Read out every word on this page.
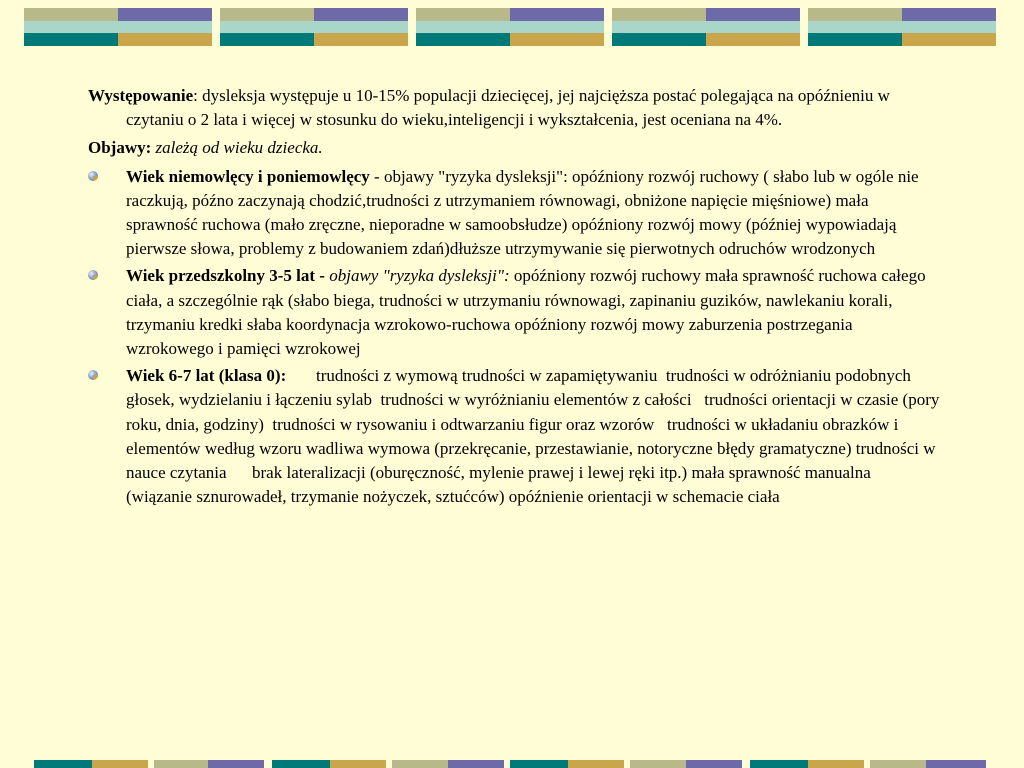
Występowanie: dysleksja występuje u 10-15% populacji dziecięcej, jej najcięższa postać polegająca na opóźnieniu w czytaniu o 2 lata i więcej w stosunku do wieku,inteligencji i wykształcenia, jest oceniana na 4%.

Objawy: zależą od wieku dziecka.

Wiek niemowlęcy i poniemowlęcy - objawy "ryzyka dysleksji": opóźniony rozwój ruchowy ( słabo lub w ogóle nie raczkują, późno zaczynają chodzić,trudności z utrzymaniem równowagi, obniżone napięcie mięśniowe) mała sprawność ruchowa (mało zręczne, nieporadne w samoobsłudze) opóźniony rozwój mowy (później wypowiadają pierwsze słowa, problemy z budowaniem zdań)dłuższe utrzymywanie się pierwotnych odruchów wrodzonych
Wiek przedszkolny 3-5 lat - objawy "ryzyka dysleksji": opóźniony rozwój ruchowy mała sprawność ruchowa całego ciała, a szczególnie rąk (słabo biega, trudności w utrzymaniu równowagi, zapinaniu guzików, nawlekaniu korali, trzymaniu kredki słaba koordynacja wzrokowo-ruchowa opóźniony rozwój mowy zaburzenia postrzegania wzrokowego i pamięci wzrokowej
Wiek 6-7 lat (klasa 0):       trudności z wymową trudności w zapamiętywaniu  trudności w odróżnianiu podobnych głosek, wydzielaniu i łączeniu sylab  trudności w wyróżnianiu elementów z całości   trudności orientacji w czasie (pory roku, dnia, godziny)  trudności w rysowaniu i odtwarzaniu figur oraz wzorów   trudności w układaniu obrazków i elementów według wzoru wadliwa wymowa (przekręcanie, przestawianie, notoryczne błędy gramatyczne) trudności w nauce czytania      brak lateralizacji (oburęczność, mylenie prawej i lewej ręki itp.) mała sprawność manualna (wiązanie sznurowadeł, trzymanie nożyczek, sztućców) opóźnienie orientacji w schemacie ciała
